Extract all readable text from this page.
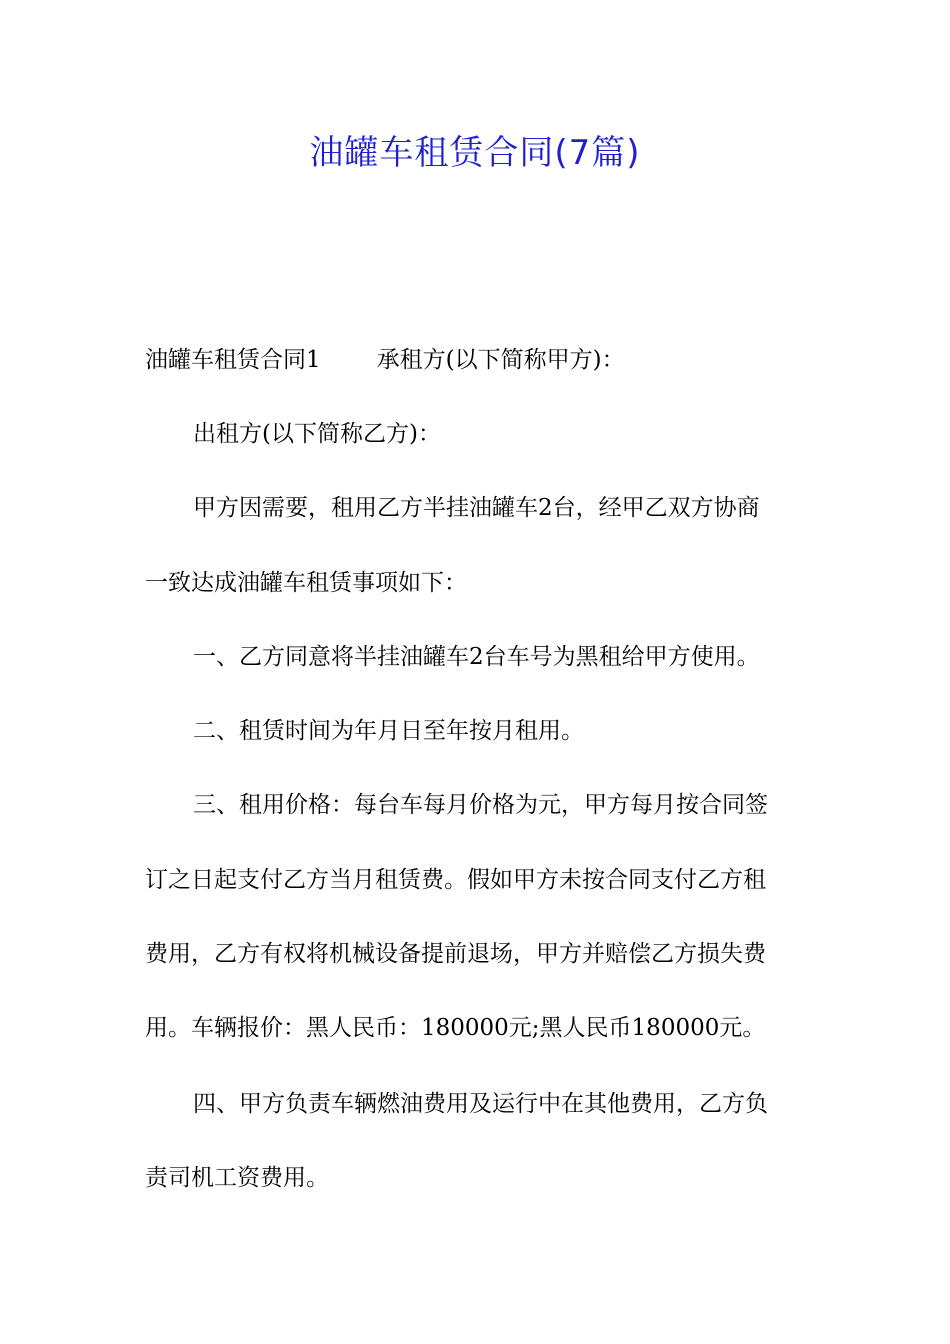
油罐车租赁合同(7篇)
油罐车租赁合同1 承租方(以下简称甲方)：
出租方(以下简称乙方)：
甲方因需要，租用乙方半挂油罐车2台，经甲乙双方协商
一致达成油罐车租赁事项如下：
一、乙方同意将半挂油罐车2台车号为黑租给甲方使用。
二、租赁时间为年月日至年按月租用。
三、租用价格：每台车每月价格为元，甲方每月按合同签
订之日起支付乙方当月租赁费。假如甲方未按合同支付乙方租
费用，乙方有权将机械设备提前退场，甲方并赔偿乙方损失费
用。车辆报价：黑人民币：180000元;黑人民币180000元。
四、甲方负责车辆燃油费用及运行中在其他费用，乙方负
责司机工资费用。
